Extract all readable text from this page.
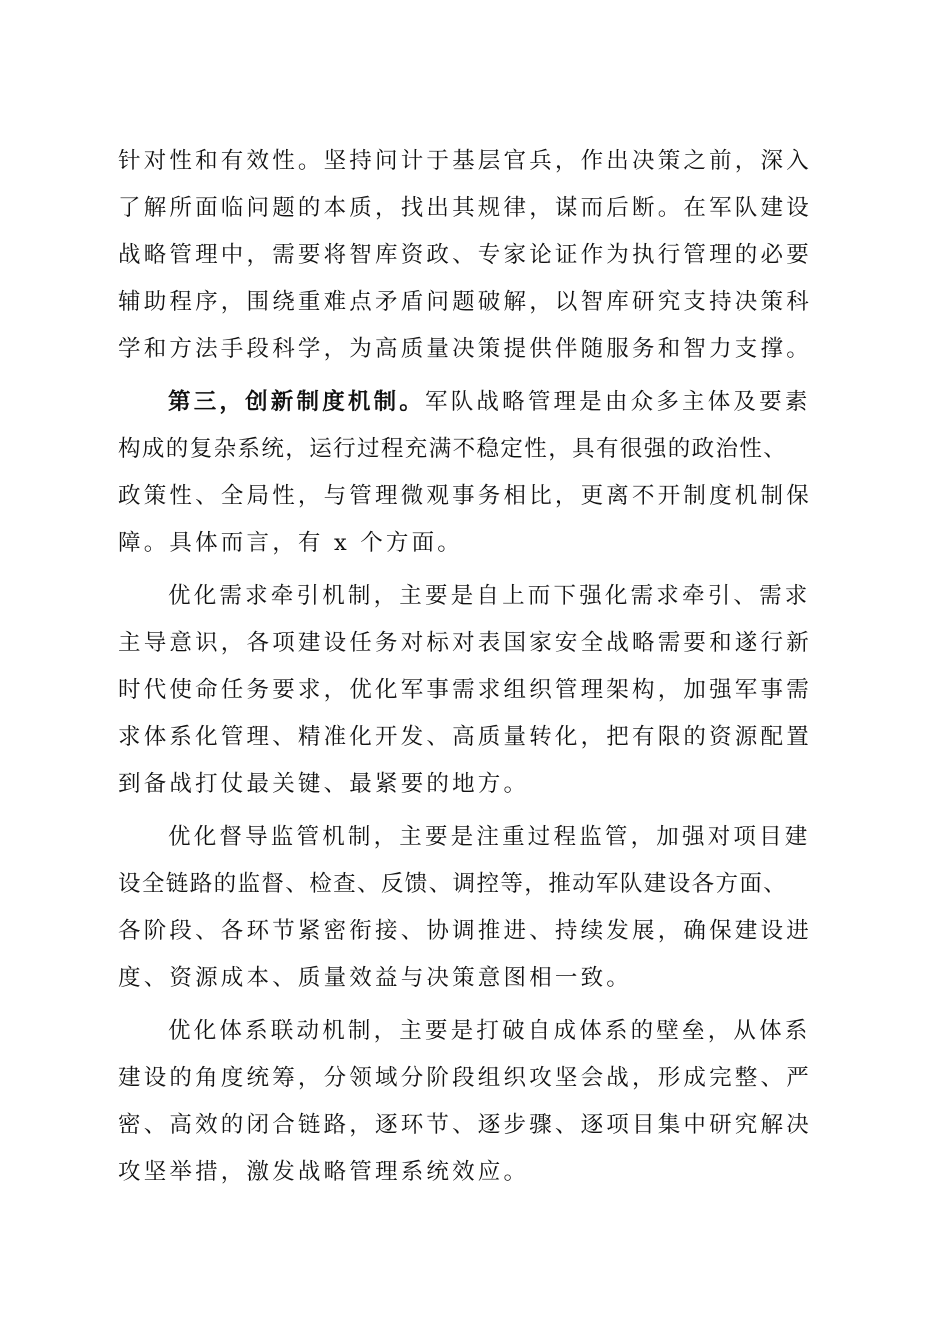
针对性和有效性。坚持问计于基层官兵，作出决策之前，深入
了解所面临问题的本质，找出其规律，谋而后断。在军队建设
战略管理中，需要将智库资政、专家论证作为执行管理的必要
辅助程序，围绕重难点矛盾问题破解，以智库研究支持决策科
学和方法手段科学，为高质量决策提供伴随服务和智力支撑。
第三，创新制度机制。军队战略管理是由众多主体及要素
构成的复杂系统，运行过程充满不稳定性，具有很强的政治性、
政策性、全局性，与管理微观事务相比，更离不开制度机制保
障。具体而言，有 x 个方面。
优化需求牵引机制，主要是自上而下强化需求牵引、需求
主导意识，各项建设任务对标对表国家安全战略需要和遂行新
时代使命任务要求，优化军事需求组织管理架构，加强军事需
求体系化管理、精准化开发、高质量转化，把有限的资源配置
到备战打仗最关键、最紧要的地方。
优化督导监管机制，主要是注重过程监管，加强对项目建
设全链路的监督、检查、反馈、调控等，推动军队建设各方面、
各阶段、各环节紧密衔接、协调推进、持续发展，确保建设进
度、资源成本、质量效益与决策意图相一致。
优化体系联动机制，主要是打破自成体系的壁垒，从体系
建设的角度统筹，分领域分阶段组织攻坚会战，形成完整、严
密、高效的闭合链路，逐环节、逐步骤、逐项目集中研究解决
攻坚举措，激发战略管理系统效应。
